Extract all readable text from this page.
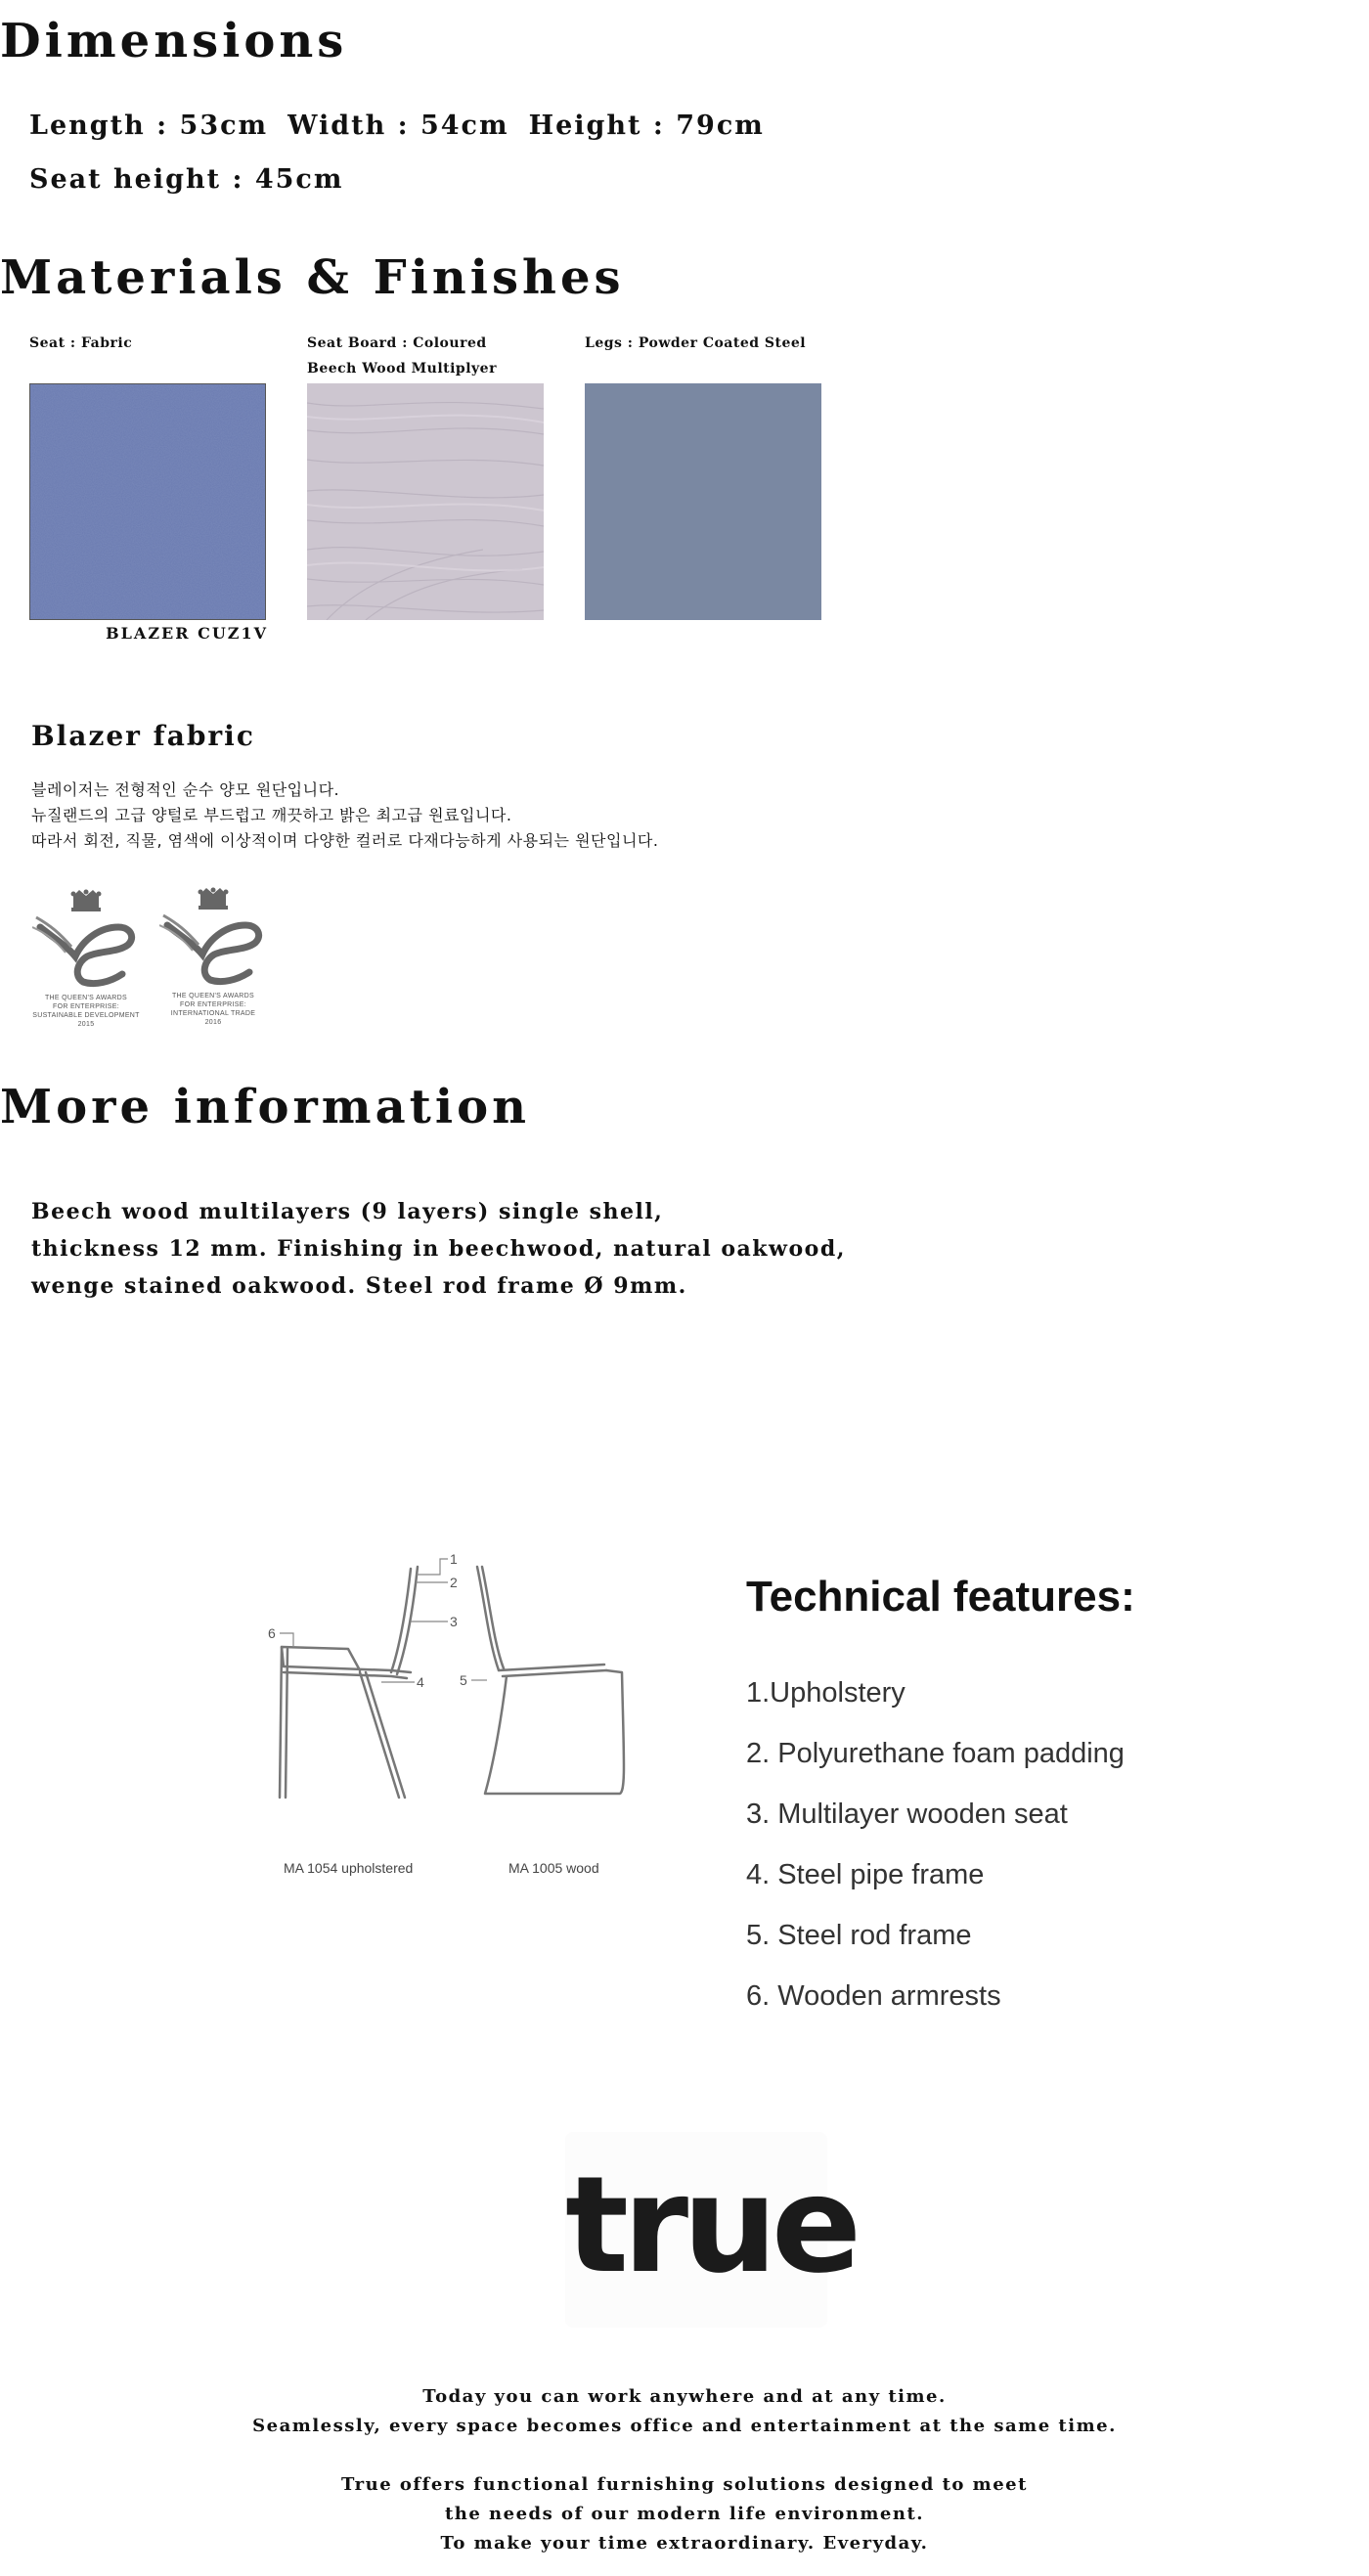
Dimensions
Length : 53cm Width : 54cm Height : 79cm
Seat height : 45cm
Materials & Finishes
Seat : Fabric
BLAZER CUZ1V
Seat Board : Coloured
Beech Wood Multiplyer
Legs : Powder Coated Steel
Blazer fabric
블레이저는 전형적인 순수 양모 원단입니다.
뉴질랜드의 고급 양털로 부드럽고 깨끗하고 밝은 최고급 원료입니다.
따라서 회전, 직물, 염색에 이상적이며 다양한 컬러로 다재다능하게 사용되는 원단입니다.
THE QUEEN'S AWARDS
FOR ENTERPRISE:
SUSTAINABLE DEVELOPMENT
2015
THE QUEEN'S AWARDS
FOR ENTERPRISE:
INTERNATIONAL TRADE
2016
More information
Beech wood multilayers (9 layers) single shell,
thickness 12 mm. Finishing in beechwood, natural oakwood,
wenge stained oakwood. Steel rod frame Ø 9mm.
1
2
3
4	5
6
MA 1054 upholstered	MA 1005 wood
Technical features:
1.Upholstery
2. Polyurethane foam padding
3. Multilayer wooden seat
4. Steel pipe frame
5. Steel rod frame
6. Wooden armrests
true
Today you can work anywhere and at any time.
Seamlessly, every space becomes office and entertainment at the same time.
True offers functional furnishing solutions designed to meet
the needs of our modern life environment.
To make your time extraordinary. Everyday.
